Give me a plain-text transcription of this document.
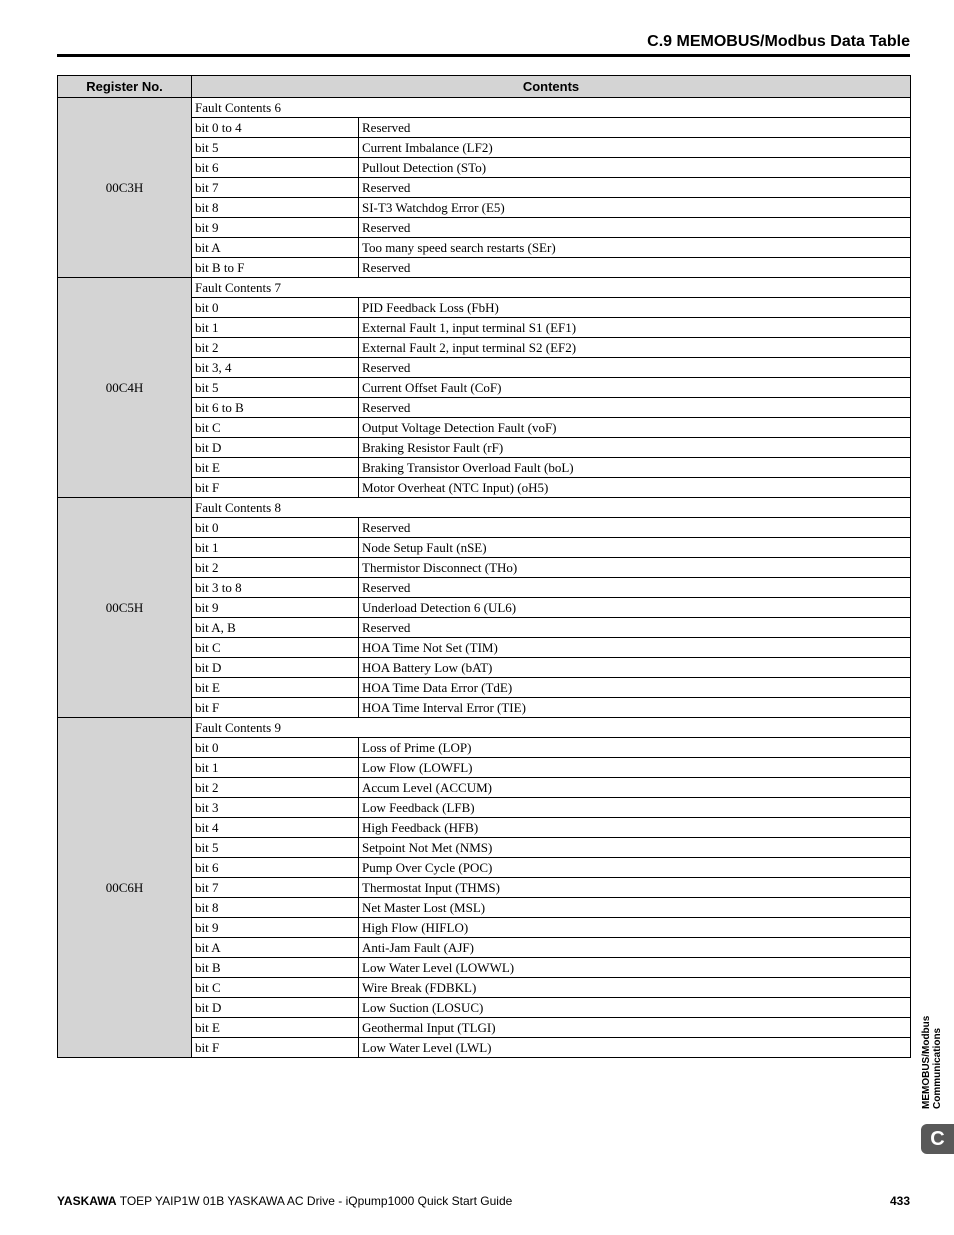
C.9 MEMOBUS/Modbus Data Table
Register No.	Contents	
00C3H	Fault Contents 6	
	bit 0 to 4	Reserved
	bit 5	Current Imbalance (LF2)
	bit 6	Pullout Detection (STo)
	bit 7	Reserved
	bit 8	SI-T3 Watchdog Error (E5)
	bit 9	Reserved
	bit A	Too many speed search restarts (SEr)
	bit B to F	Reserved
00C4H	Fault Contents 7	
	bit 0	PID Feedback Loss (FbH)
	bit 1	External Fault 1, input terminal S1 (EF1)
	bit 2	External Fault 2, input terminal S2 (EF2)
	bit 3, 4	Reserved
	bit 5	Current Offset Fault (CoF)
	bit 6 to B	Reserved
	bit C	Output Voltage Detection Fault (voF)
	bit D	Braking Resistor Fault (rF)
	bit E	Braking Transistor Overload Fault (boL)
	bit F	Motor Overheat (NTC Input) (oH5)
00C5H	Fault Contents 8	
	bit 0	Reserved
	bit 1	Node Setup Fault (nSE)
	bit 2	Thermistor Disconnect (THo)
	bit 3 to 8	Reserved
	bit 9	Underload Detection 6 (UL6)
	bit A, B	Reserved
	bit C	HOA Time Not Set (TIM)
	bit D	HOA Battery Low (bAT)
	bit E	HOA Time Data Error (TdE)
	bit F	HOA Time Interval Error (TIE)
00C6H	Fault Contents 9	
	bit 0	Loss of Prime (LOP)
	bit 1	Low Flow (LOWFL)
	bit 2	Accum Level (ACCUM)
	bit 3	Low Feedback (LFB)
	bit 4	High Feedback (HFB)
	bit 5	Setpoint Not Met (NMS)
	bit 6	Pump Over Cycle (POC)
	bit 7	Thermostat Input (THMS)
	bit 8	Net Master Lost (MSL)
	bit 9	High Flow (HIFLO)
	bit A	Anti-Jam Fault (AJF)
	bit B	Low Water Level (LOWWL)
	bit C	Wire Break (FDBKL)
	bit D	Low Suction (LOSUC)
	bit E	Geothermal Input (TLGI)
	bit F	Low Water Level (LWL)	MEMOBUS/Modbus Communications
C
YASKAWA TOEP YAIP1W 01B YASKAWA AC Drive - iQpump1000 Quick Start Guide	433
